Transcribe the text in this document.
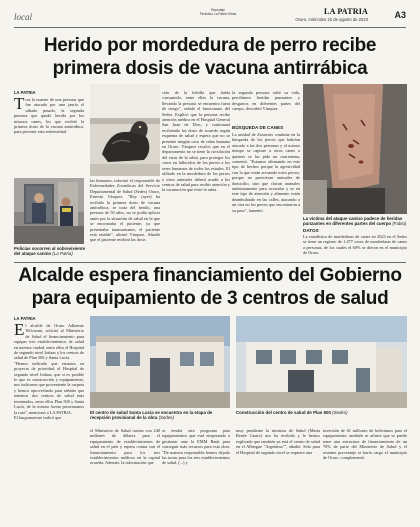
local
Reportaje
Periódico La Patria Orhas	LA PATRIA
Oruro, miércoles 22 de agosto de 2023	A3
Herido por mordedura de perro recibe
primera dosis de vacuna antirrábica
LA PATRIA
Tras la muerte de una persona que fue atacada por una jauría el sábado pasado, la segunda persona que quedó herida por los mismos canes, los que recibió la primera dosis de la vacuna antirrábica, para prevenir esta enfermedad.
Policías socorren al sobreviviente del ataque canino (La Patria)
las humanos, informó el responsable de Enfermedades Zoonóticas del Servicio Departamental de Salud (Sedes) Oruro, Ernesto Vásquez. "Hoy (ayer) ha recibido la primera dosis de vacuna antirrábica, se trata del herido, una persona de 50 años, no se podía aplicar antes por la situación de salud en la que se encontraba el paciente, ya que presentaba traumatismos, el paciente está estable", afirmó Vásquez. Añadió que el paciente recibirá las dosis
ción de la hebilla que había consumido, entre ellas la vacuna, llevando la persona se encuentra fuera de riesgo", señaló el funcionario del Sedes. Explicó que la persona recibe atención médica en el Hospital General San Juan de Dios, y continuará recibiendo las dosis de acuerdo según esquema de salud y espera que no se presente ningún caso de rabia humana en Oruro. Vásquez recalcó que en el departamento no se tiene la circulación del virus de la rabia, para proteger los casos en fallecidos de los perros a los seres humanos de todos los estados. El afiliado en la mordedura de los perros y otros animales deberá acudir a los centros de salud para recibir atención y la vacunación que evite la rabia.
la segunda persona salió su vida, percibimos heridas punzantes y desgarros en diferentes partes del cuerpo, describió Vásquez.
BÚSQUEDA DE CANES
La unidad de Zoonosis continúa en la búsqueda de los perros que habrían atacado a las dos personas y al mismo tiempo se capture a otros canes a quienes se los pide un cuarentena, comentó. "Estamos afirmando en este tipo de hechos porque la agresividad con la que están actuando estos perros, porque no parecieran animales de domicilio, sino que clavan animales anónimamente para acorralar y se en este tipo de atención y alimento están deambulando en las calles, atacando a un otra no los perros que encontraron a su paso", lamentó.
La víctima del ataque canino padece de heridas punzantes en diferentes partes del cuerpo (Fabio)
DATOS
La estadística de mordeduras de canes en 2023 en el Sedes se tiene un registro de 1.477 casos de mordeduras de canes a personas, de los cuales el 60% se dieron en el municipio de Oruro.
Alcalde espera financiamiento del Gobierno
para equipamiento de 3 centros de salud
LA PATRIA
El alcalde de Oruro Adhemar Wilcarani, solicitó al Ministerio de Salud el financiamiento para equipar tres establecimientos de salud en nuestra ciudad, entre ellos el Hospital de segundo nivel Iralaas y los centros de salud de Plan 500 y Santa Lucía.
"Hemos indicado que estamos en proyecto de prioridad, el Hospital de segundo nivel Iralaas, que si es posible lo que es construcción y equipamiento, nos indicaron que proveniente la carpeta y hemos aprovechado para señalar que tenemos dos centros de salud más terminados, entre ellos Plan 500 y Santa Lucía, de la misma forma presentamos la ruta", mencionó a LA PATRIA.
El burgomaestre indicó que
El centro de salud Santa Lucía se encuentra en la etapa de recepción provisional de la obra (Sedes)
Construcción del centro de salud de Plan 500 (Sedes)
el Ministerio de Salud cuenta con 240 millones de dólares para el equipamiento de establecimientos de salud en el país y espera contar con el financiamiento para los tres establecimientos médicos en la capital orureña. Además, la información que
se tendrá otra programa para equipamientos que está empezando a gestionar ante la EMM Bank para conseguir más recursos para esta obra. "De manera responsable hemos dejado las notas para los tres establecimientos de salud, (...) y
muy pendiente la ministra de Salud (María Renée Castro) nos ha recibido y le hemos explicado que también ya está el centro de salud en el Albergue "Argentino"", añadió. Sólo para el Hospital de segundo nivel se requiere una
inversión de 61 millones de bolivianos para el equipamiento, también se afirmó que se puede tener una estructura de financiamiento de un 70% de parte del Ministerio de Salud y el restante porcentaje se haría cargo el municipio de Oruro, complementó.
